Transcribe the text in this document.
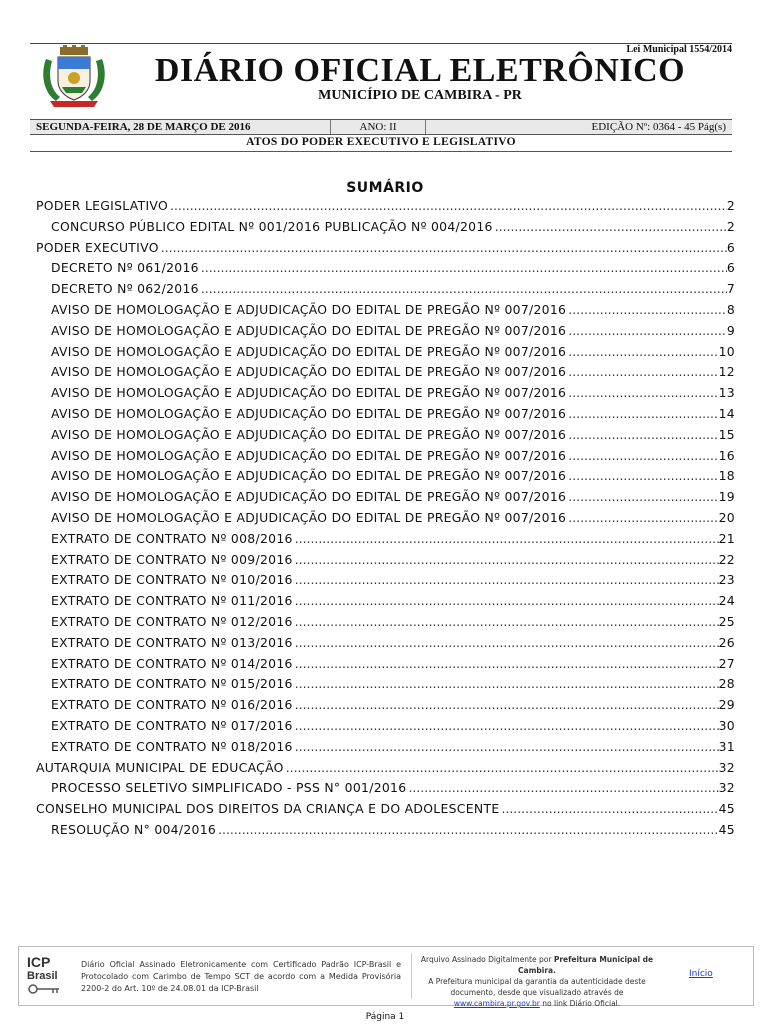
Lei Municipal 1554/2014
DIÁRIO OFICIAL ELETRÔNICO
MUNICÍPIO DE CAMBIRA - PR
SEGUNDA-FEIRA, 28 DE MARÇO DE 2016	ANO: II	EDIÇÃO Nº: 0364 - 45 Pág(s)
ATOS DO PODER EXECUTIVO E LEGISLATIVO
SUMÁRIO
PODER LEGISLATIVO .....	2
CONCURSO PÚBLICO EDITAL Nº 001/2016 PUBLICAÇÃO Nº 004/2016 .....	2
PODER EXECUTIVO .....	6
DECRETO Nº 061/2016 .....	6
DECRETO Nº 062/2016 .....	7
AVISO DE HOMOLOGAÇÃO E ADJUDICAÇÃO DO EDITAL DE PREGÃO Nº 007/2016 .....	8
AVISO DE HOMOLOGAÇÃO E ADJUDICAÇÃO DO EDITAL DE PREGÃO Nº 007/2016 .....	9
AVISO DE HOMOLOGAÇÃO E ADJUDICAÇÃO DO EDITAL DE PREGÃO Nº 007/2016 .....	10
AVISO DE HOMOLOGAÇÃO E ADJUDICAÇÃO DO EDITAL DE PREGÃO Nº 007/2016 .....	12
AVISO DE HOMOLOGAÇÃO E ADJUDICAÇÃO DO EDITAL DE PREGÃO Nº 007/2016 .....	13
AVISO DE HOMOLOGAÇÃO E ADJUDICAÇÃO DO EDITAL DE PREGÃO Nº 007/2016 .....	14
AVISO DE HOMOLOGAÇÃO E ADJUDICAÇÃO DO EDITAL DE PREGÃO Nº 007/2016 .....	15
AVISO DE HOMOLOGAÇÃO E ADJUDICAÇÃO DO EDITAL DE PREGÃO Nº 007/2016 .....	16
AVISO DE HOMOLOGAÇÃO E ADJUDICAÇÃO DO EDITAL DE PREGÃO Nº 007/2016 .....	18
AVISO DE HOMOLOGAÇÃO E ADJUDICAÇÃO DO EDITAL DE PREGÃO Nº 007/2016 .....	19
AVISO DE HOMOLOGAÇÃO E ADJUDICAÇÃO DO EDITAL DE PREGÃO Nº 007/2016 .....	20
EXTRATO DE CONTRATO Nº 008/2016 .....	21
EXTRATO DE CONTRATO Nº 009/2016 .....	22
EXTRATO DE CONTRATO Nº 010/2016 .....	23
EXTRATO DE CONTRATO Nº 011/2016 .....	24
EXTRATO DE CONTRATO Nº 012/2016 .....	25
EXTRATO DE CONTRATO Nº 013/2016 .....	26
EXTRATO DE CONTRATO Nº 014/2016 .....	27
EXTRATO DE CONTRATO Nº 015/2016 .....	28
EXTRATO DE CONTRATO Nº 016/2016 .....	29
EXTRATO DE CONTRATO Nº 017/2016 .....	30
EXTRATO DE CONTRATO Nº 018/2016 .....	31
AUTARQUIA MUNICIPAL DE EDUCAÇÃO .....	32
PROCESSO SELETIVO SIMPLIFICADO - PSS N° 001/2016 .....	32
CONSELHO MUNICIPAL DOS DIREITOS DA CRIANÇA E DO ADOLESCENTE .....	45
RESOLUÇÃO N° 004/2016 .....	45
ICP
Brasil
Diário Oficial Assinado Eletronicamente com Certificado Padrão ICP-Brasil e Protocolado com Carimbo de Tempo SCT de acordo com a Medida Provisória 2200-2 do Art. 10º de 24.08.01 da ICP-Brasil
Arquivo Assinado Digitalmente por Prefeitura Municipal de Cambira.
A Prefeitura municipal da garantia da autenticidade deste documento, desde que visualizado através de
www.cambira.pr.gov.br no link Diário Oficial.
Início
Página 1
